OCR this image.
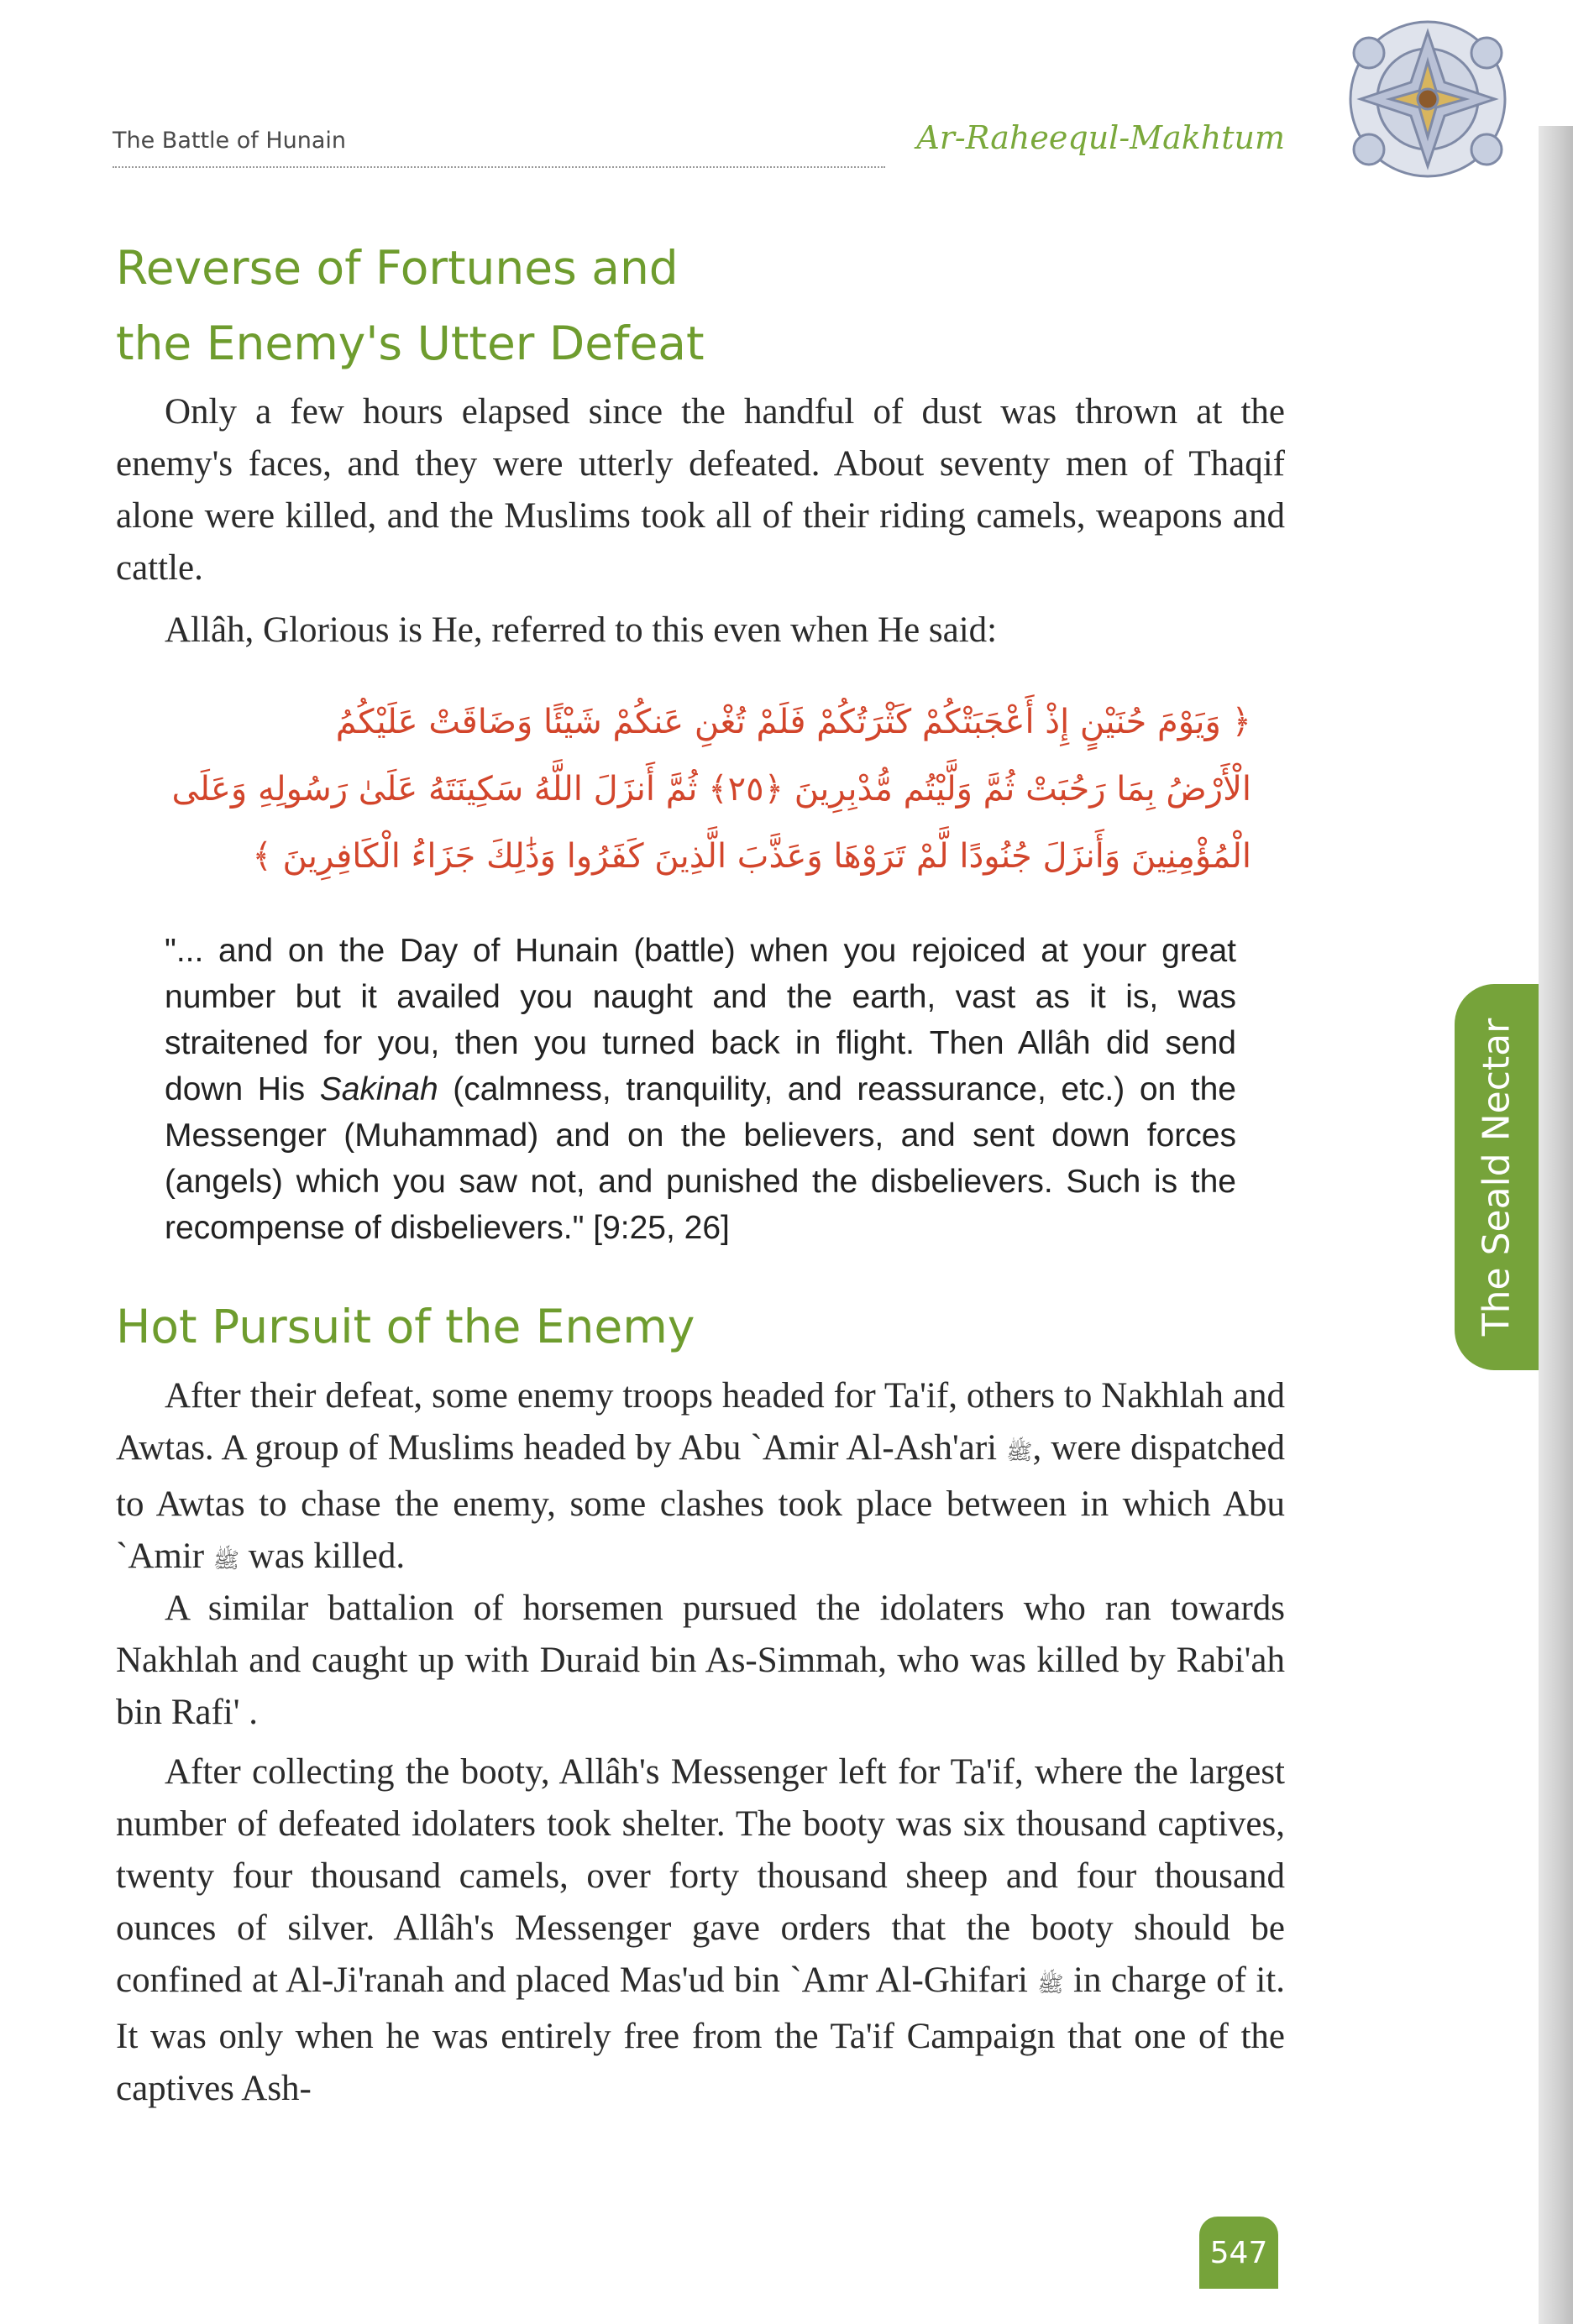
The Battle of Hunain	Ar-Raheequl-Makhtum
Reverse of Fortunes and
the Enemy's Utter Defeat

Only a few hours elapsed since the handful of dust was thrown at the enemy's faces, and they were utterly defeated. About seventy men of Thaqif alone were killed, and the Muslims took all of their riding camels, weapons and cattle.

Allâh, Glorious is He, referred to this even when He said:

﴿ وَيَوْمَ حُنَيْنٍ إِذْ أَعْجَبَتْكُمْ كَثْرَتُكُمْ فَلَمْ تُغْنِ عَنكُمْ شَيْئًا وَضَاقَتْ عَلَيْكُمُ

الْأَرْضُ بِمَا رَحُبَتْ ثُمَّ وَلَّيْتُم مُّدْبِرِينَ ﴿٢٥﴾ ثُمَّ أَنزَلَ اللَّهُ سَكِينَتَهُ عَلَىٰ رَسُولِهِ وَعَلَى

الْمُؤْمِنِينَ وَأَنزَلَ جُنُودًا لَّمْ تَرَوْهَا وَعَذَّبَ الَّذِينَ كَفَرُوا وَذَٰلِكَ جَزَاءُ الْكَافِرِينَ ﴾

"... and on the Day of Hunain (battle) when you rejoiced at your great number but it availed you naught and the earth, vast as it is, was straitened for you, then you turned back in flight. Then Allâh did send down His Sakinah (calmness, tranquility, and reassurance, etc.) on the Messenger (Muhammad) and on the believers, and sent down forces (angels) which you saw not, and punished the disbelievers. Such is the recompense of disbelievers." [9:25, 26]

Hot Pursuit of the Enemy

After their defeat, some enemy troops headed for Ta'if, others to Nakhlah and Awtas. A group of Muslims headed by Abu `Amir Al-Ash'ari ﷺ, were dispatched to Awtas to chase the enemy, some clashes took place between in which Abu `Amir ﷺ was killed.

A similar battalion of horsemen pursued the idolaters who ran towards Nakhlah and caught up with Duraid bin As-Simmah, who was killed by Rabi'ah bin Rafi' .

After collecting the booty, Allâh's Messenger left for Ta'if, where the largest number of defeated idolaters took shelter. The booty was six thousand captives, twenty four thousand camels, over forty thousand sheep and four thousand ounces of silver. Allâh's Messenger gave orders that the booty should be confined at Al-Ji'ranah and placed Mas'ud bin `Amr Al-Ghifari ﷺ in charge of it. It was only when he was entirely free from the Ta'if Campaign that one of the captives Ash-

The Seald Nectar
547
